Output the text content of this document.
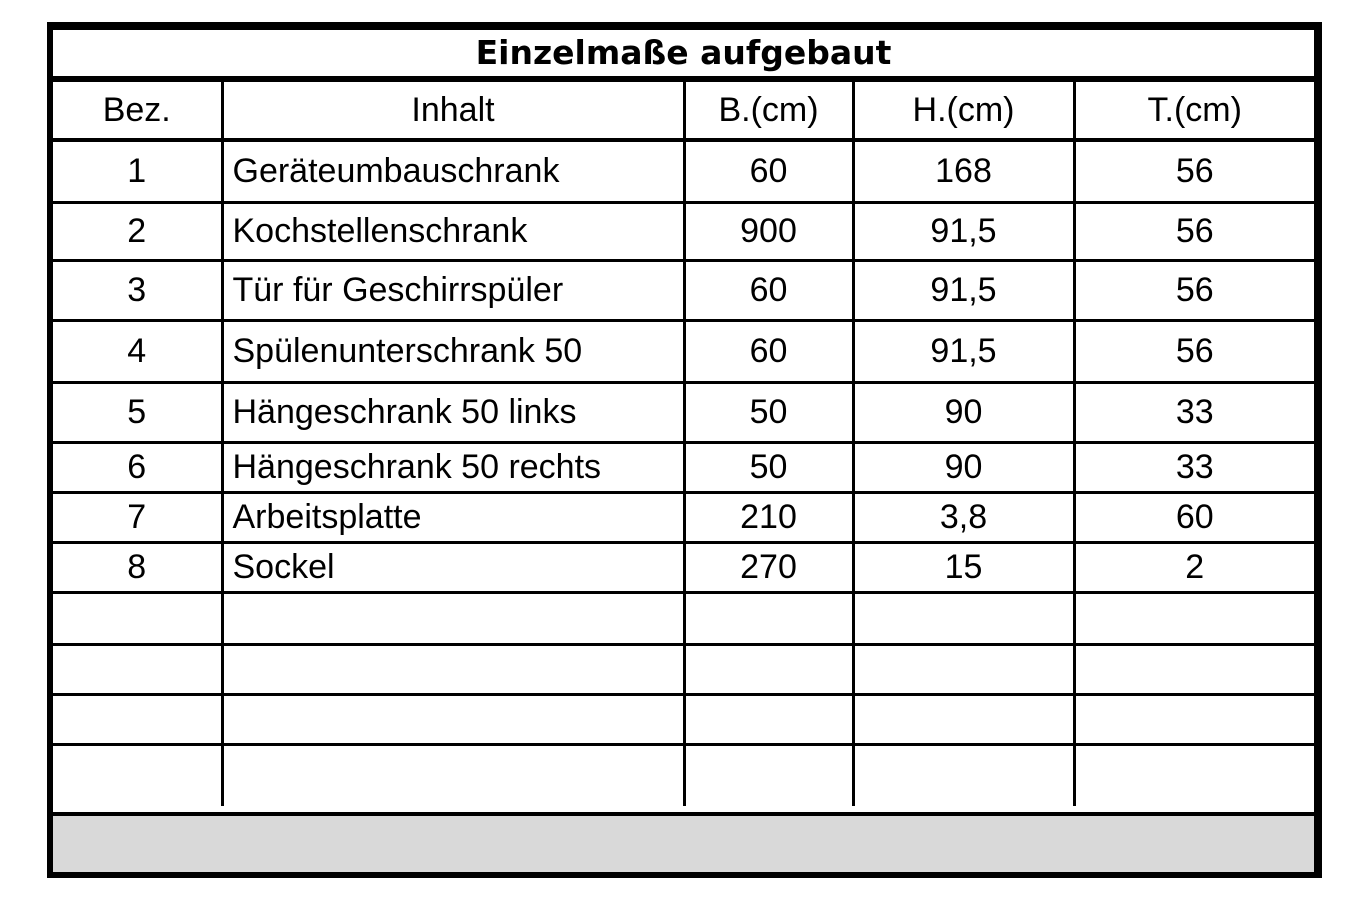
Einzelmaße aufgebaut
Bez.	Inhalt	B.(cm)	H.(cm)	T.(cm)
1	Geräteumbauschrank	60	168	56
2	Kochstellenschrank	900	91,5	56
3	Tür für Geschirrspüler	60	91,5	56
4	Spülenunterschrank 50	60	91,5	56
5	Hängeschrank 50 links	50	90	33
6	Hängeschrank 50 rechts	50	90	33
7	Arbeitsplatte	210	3,8	60
8	Sockel	270	15	2
